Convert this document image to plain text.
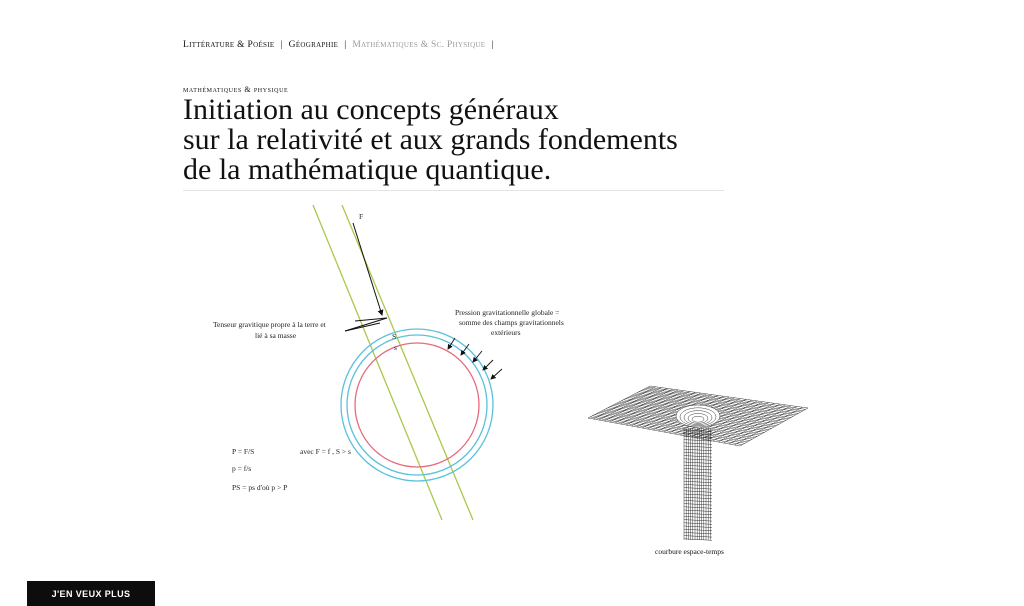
Littérature & Poésie | Géographie | Mathématiques & Sc. Physique |
mathématiques & physique
Initiation au concepts généraux
sur la relativité et aux grands fondements
de la mathématique quantique.
F
Tenseur gravitique propre à la terre et
lié à sa masse	S
s
Pression gravitationnelle globale =
somme des champs gravitationnels
extérieurs
P = F/S	avec F = f , S > s
p = f/s
PS = ps d'où p > P
courbure espace-temps
J'EN VEUX PLUS
